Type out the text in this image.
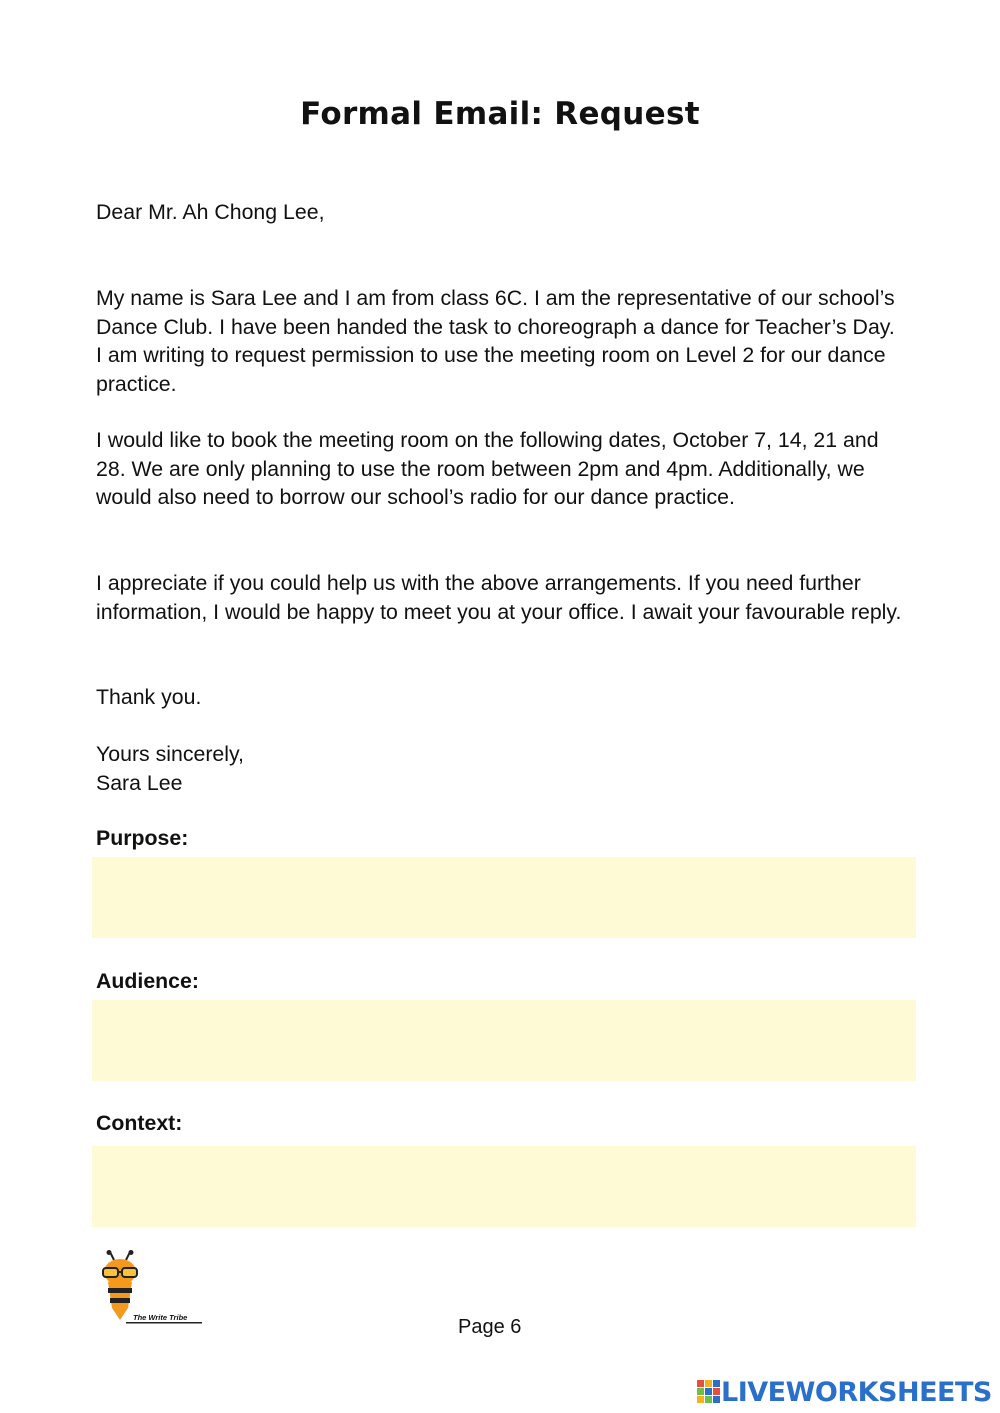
Formal Email: Request
Dear Mr. Ah Chong Lee,
My name is Sara Lee and I am from class 6C. I am the representative of our school’s Dance Club. I have been handed the task to choreograph a dance for Teacher’s Day. I am writing to request permission to use the meeting room on Level 2 for our dance practice.
I would like to book the meeting room on the following dates, October 7, 14, 21 and 28. We are only planning to use the room between 2pm and 4pm. Additionally, we would also need to borrow our school’s radio for our dance practice.
I appreciate if you could help us with the above arrangements. If you need further information, I would be happy to meet you at your office. I await your favourable reply.
Thank you.
Yours sincerely,
Sara Lee
Purpose:
Audience:
Context:
The Write Tribe	Page 6
LIVEWORKSHEETS
